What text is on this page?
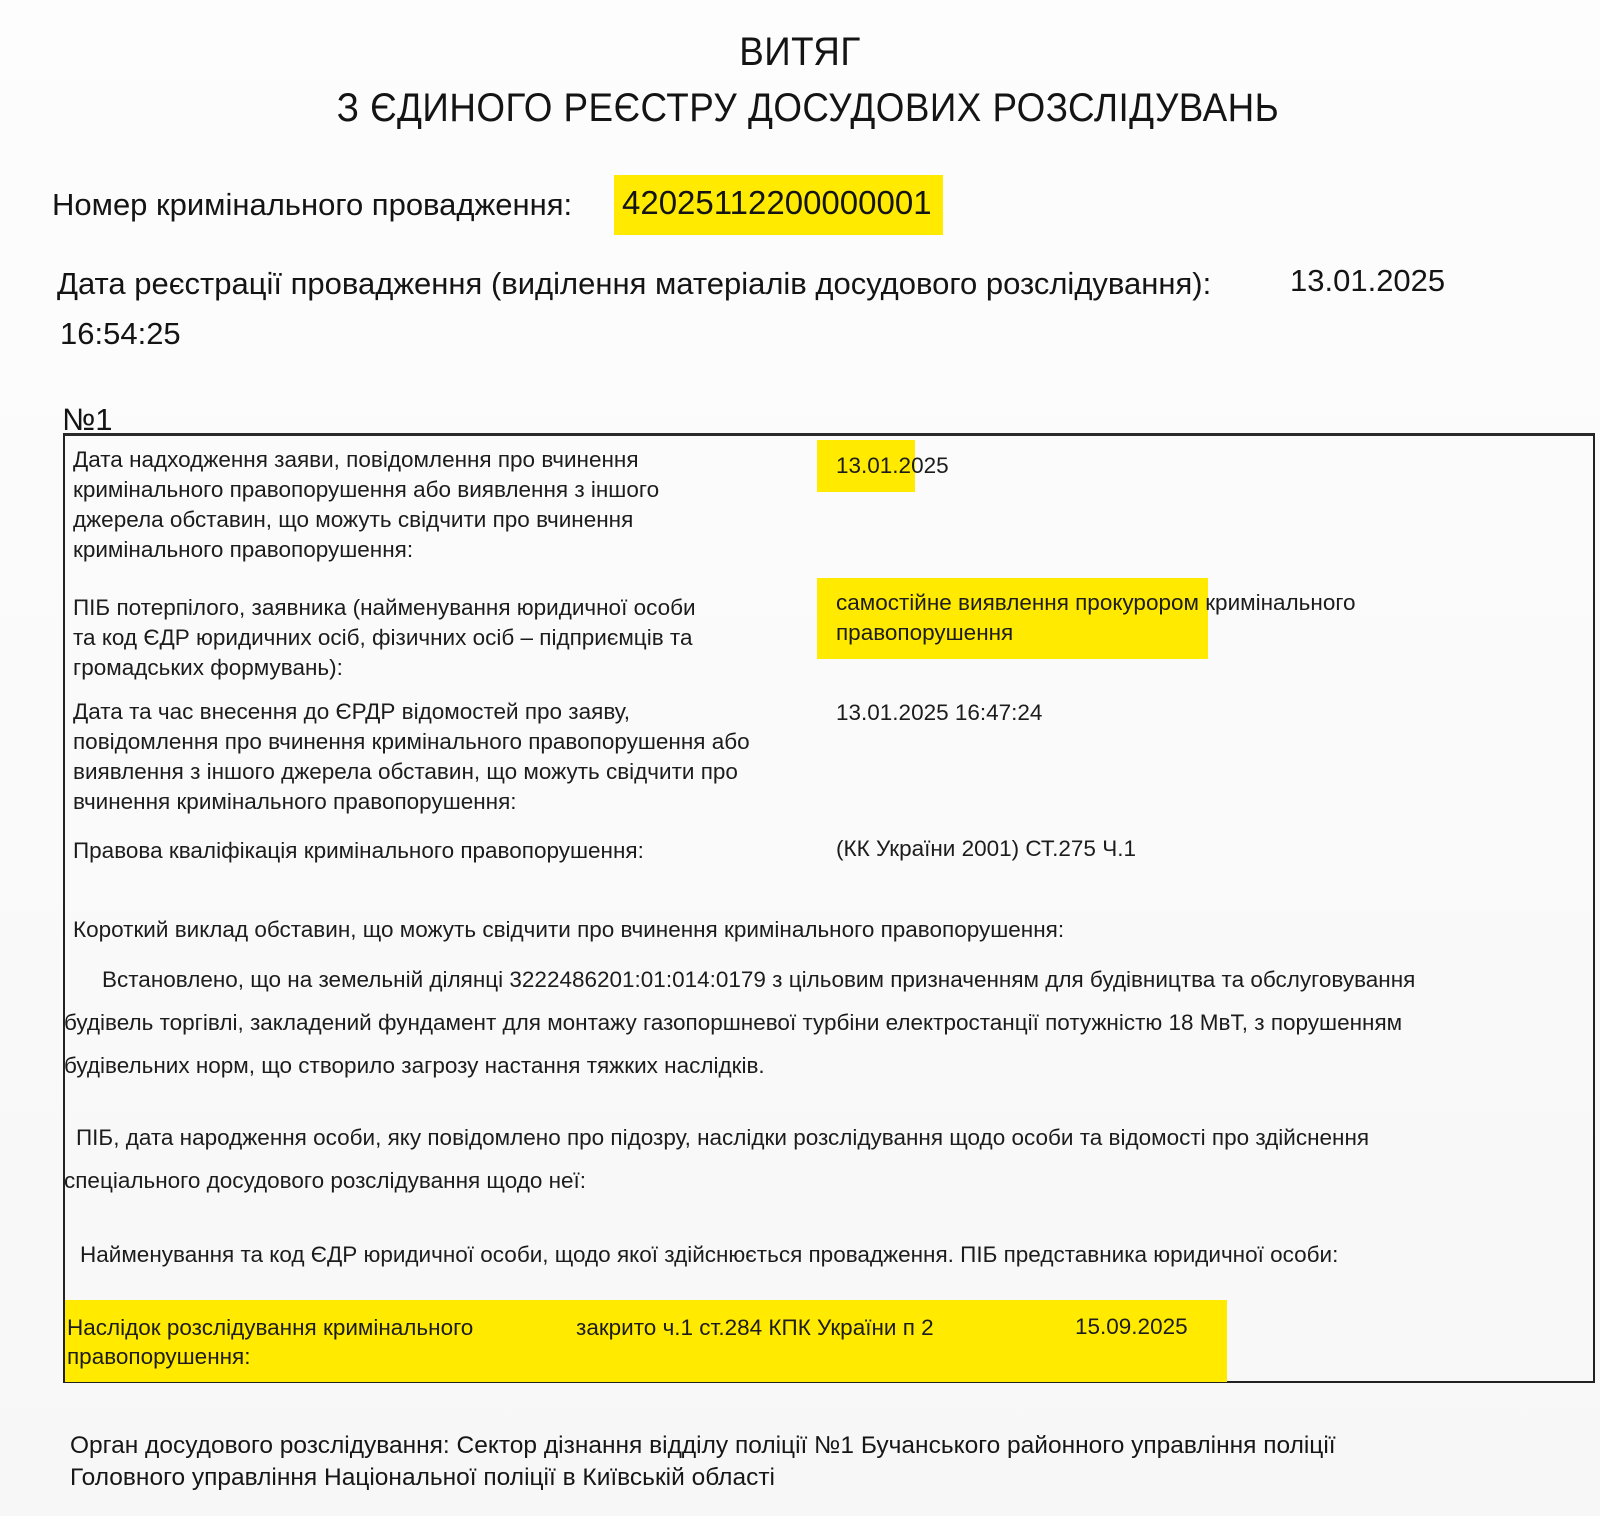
ВИТЯГ
З ЄДИНОГО РЕЄСТРУ ДОСУДОВИХ РОЗСЛІДУВАНЬ
Номер кримінального провадження: 42025112200000001
Дата реєстрації провадження (виділення матеріалів досудового розслідування):	13.01.2025
16:54:25
№1
Дата надходження заяви, повідомлення про вчинення
кримінального правопорушення або виявлення з іншого
джерела обставин, що можуть свідчити про вчинення
кримінального правопорушення:
13.01.2025
ПІБ потерпілого, заявника (найменування юридичної особи
та код ЄДР юридичних осіб, фізичних осіб – підприємців та
громадських формувань):
самостійне виявлення прокурором кримінального
правопорушення
Дата та час внесення до ЄРДР відомостей про заяву,
повідомлення про вчинення кримінального правопорушення або
виявлення з іншого джерела обставин, що можуть свідчити про
вчинення кримінального правопорушення:
13.01.2025 16:47:24
Правова кваліфікація кримінального правопорушення:	(КК України 2001) СТ.275 Ч.1
Короткий виклад обставин, що можуть свідчити про вчинення кримінального правопорушення:
Встановлено, що на земельній ділянці 3222486201:01:014:0179 з цільовим призначенням для будівництва та обслуговування
будівель торгівлі, закладений фундамент для монтажу газопоршневої турбіни електростанції потужністю 18 МвТ, з порушенням
будівельних норм, що створило загрозу настання тяжких наслідків.
ПІБ, дата народження особи, яку повідомлено про підозру, наслідки розслідування щодо особи та відомості про здійснення
спеціального досудового розслідування щодо неї:
Найменування та код ЄДР юридичної особи, щодо якої здійснюється провадження. ПІБ представника юридичної особи:
Наслідок розслідування кримінального
правопорушення:
закрито ч.1 ст.284 КПК України п 2	15.09.2025
Орган досудового розслідування: Сектор дізнання відділу поліції №1 Бучанського районного управління поліції
Головного управління Національної поліції в Київській області
